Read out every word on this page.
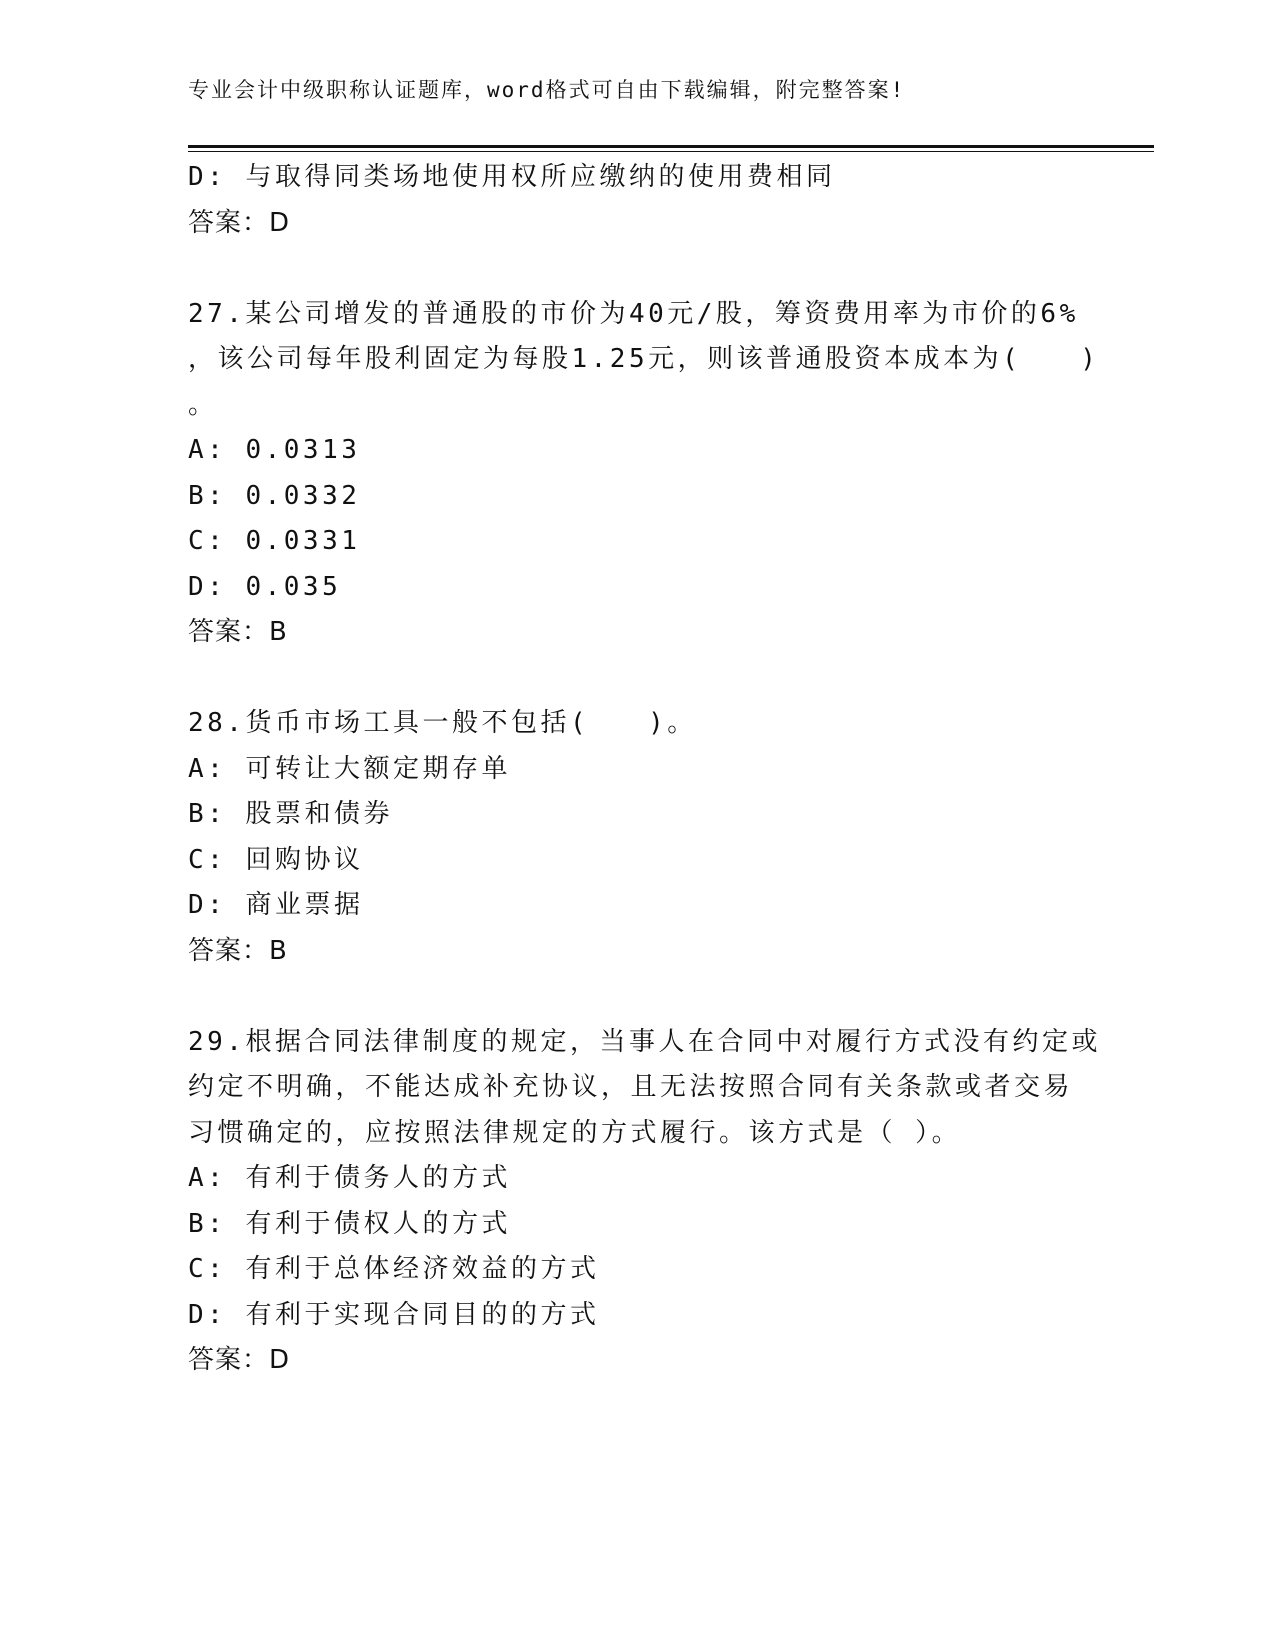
专业会计中级职称认证题库，word格式可自由下载编辑，附完整答案!
D: 与取得同类场地使用权所应缴纳的使用费相同
答案：D
27.某公司增发的普通股的市价为40元/股，筹资费用率为市价的6%
，该公司每年股利固定为每股1.25元，则该普通股资本成本为(　　)
。
A: 0.0313
B: 0.0332
C: 0.0331
D: 0.035
答案：B
28.货币市场工具一般不包括(　　)。
A: 可转让大额定期存单
B: 股票和债券
C: 回购协议
D: 商业票据
答案：B
29.根据合同法律制度的规定，当事人在合同中对履行方式没有约定或
约定不明确，不能达成补充协议，且无法按照合同有关条款或者交易
习惯确定的，应按照法律规定的方式履行。该方式是（ ）。
A: 有利于债务人的方式
B: 有利于债权人的方式
C: 有利于总体经济效益的方式
D: 有利于实现合同目的的方式
答案：D
